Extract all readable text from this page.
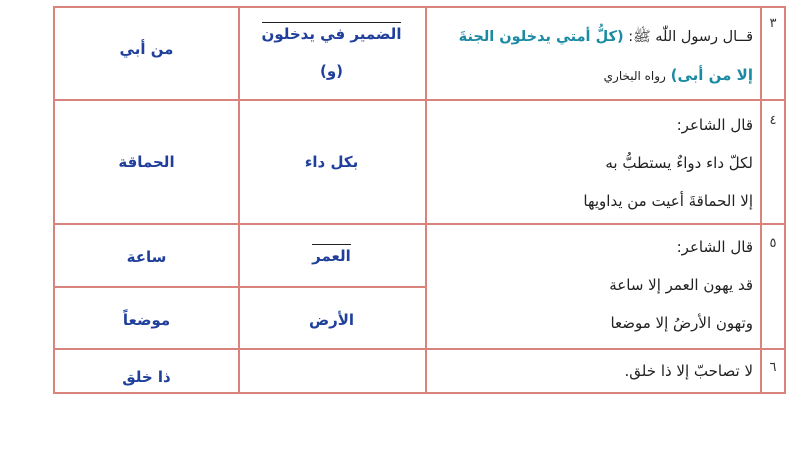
٣
قــال رسول اللّٰه ﷺ: (كلُّ أمتي يدخلون الجنةَ
إلا من أبى) رواه البخاري
الضمير في يدخلون
(و)
من أبي
٤
قال الشاعر:
لكلّ داء دواءٌ يستطبُّ به
إلا الحماقةَ أعيت من يداويها
بكل داء
الحماقة
٥
قال الشاعر:
قد يهون العمر إلا ساعة
وتهون الأرضُ إلا موضعا
العمر
ساعة
الأرض
موضعاً
٦
لا تصاحبّ إلا ذا خلق.
ذا خلق
